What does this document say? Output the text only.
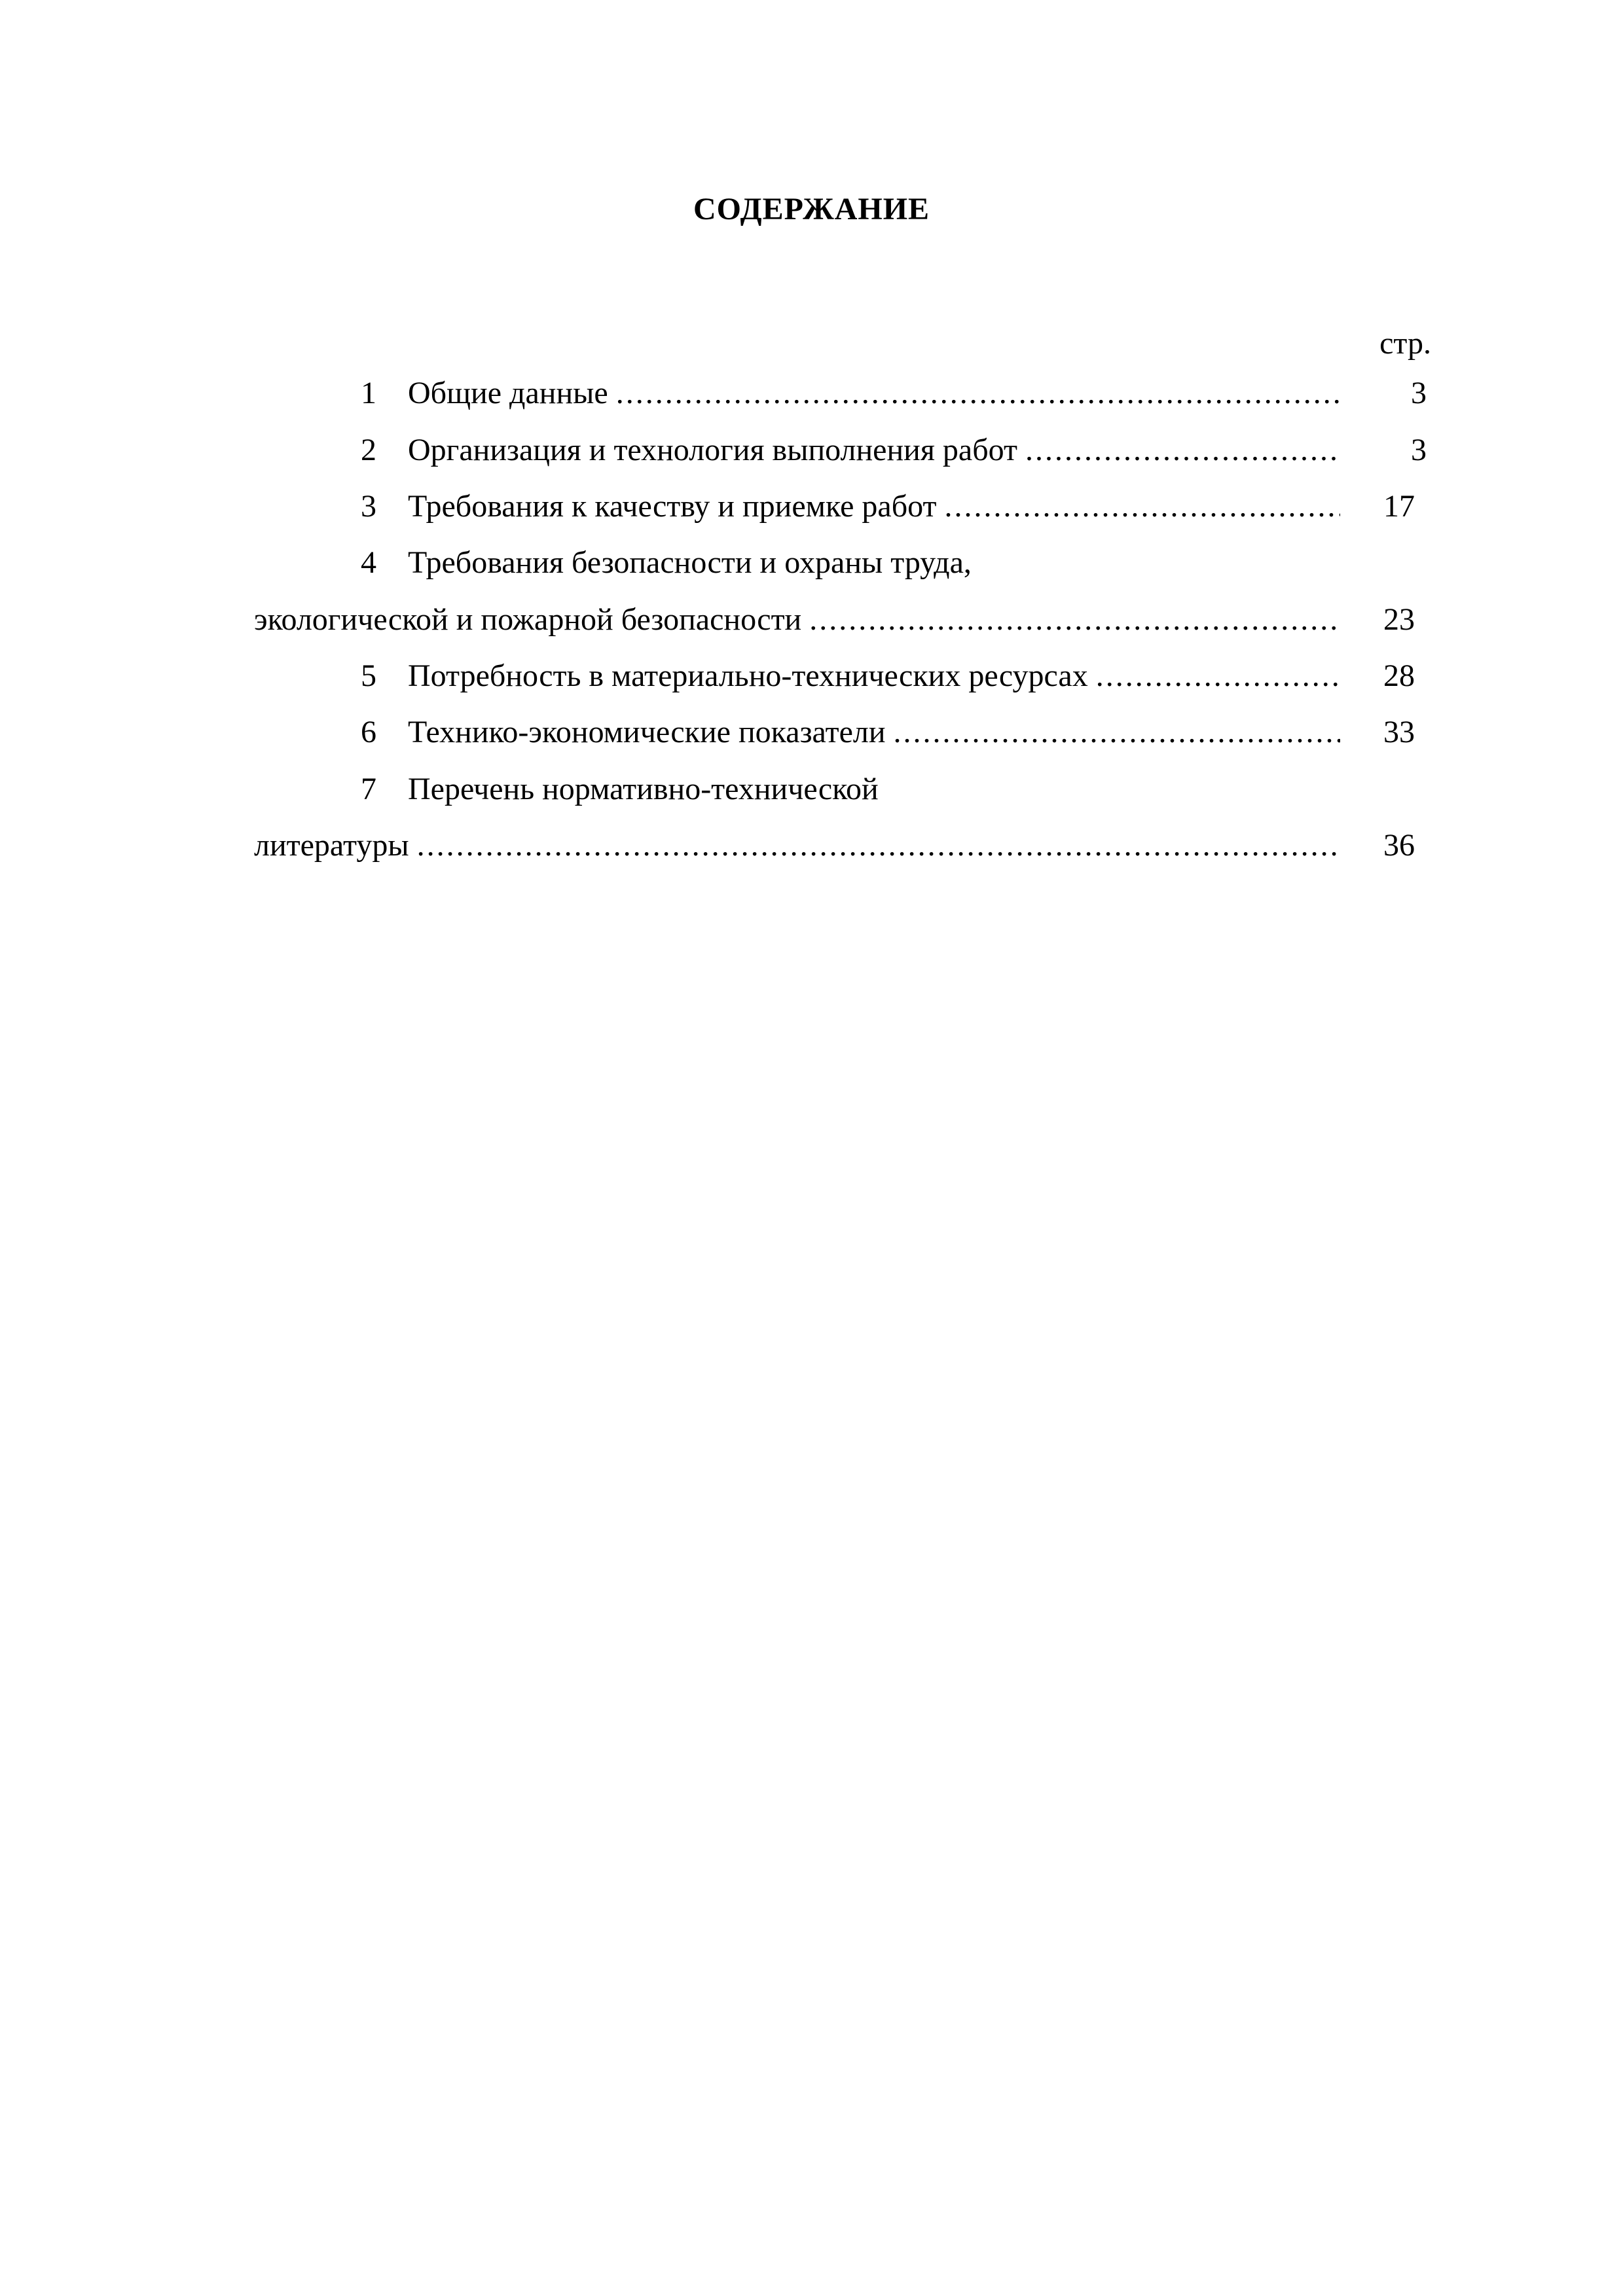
СОДЕРЖАНИЕ
стр.
1 Общие данные .....	3
2 Организация и технология выполнения работ .....	3
3 Требования к качеству и приемке работ .....	17
4 Требования безопасности и охраны труда,
экологической и пожарной безопасности .....	23
5 Потребность в материально-технических ресурсах .....	28
6 Технико-экономические показатели .....	33
7 Перечень нормативно-технической
литературы .....	36
